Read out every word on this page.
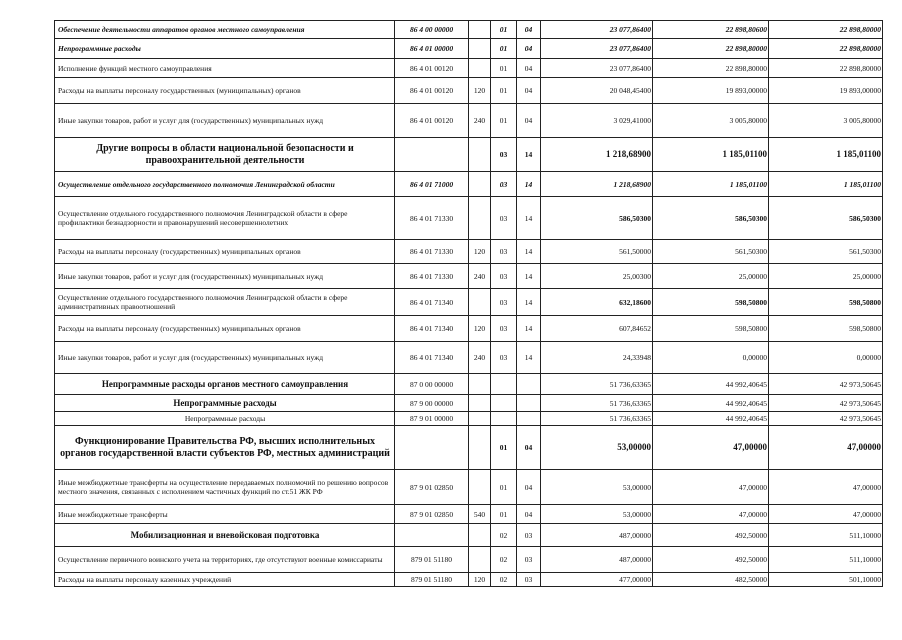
Обеспечение деятельности аппаратов органов местного самоуправления	86 4 00 00000		01	04	23 077,86400	22 898,80600	22 898,80000
Непрограммные расходы	86 4 01 00000		01	04	23 077,86400	22 898,80000	22 898,80000
Исполнение функций местного самоуправления	86 4 01 00120		01	04	23 077,86400	22 898,80000	22 898,80000
Расходы на выплаты персоналу государственных (муниципальных) органов	86 4 01 00120	120	01	04	20 048,45400	19 893,00000	19 893,00000
Иные закупки товаров, работ и услуг для (государственных) муниципальных нужд	86 4 01 00120	240	01	04	3 029,41000	3 005,80000	3 005,80000
Другие вопросы в области национальной безопасности и правоохранительной деятельности			03	14	1 218,68900	1 185,01100	1 185,01100
Осуществление отдельного государственного полномочия Ленинградской области	86 4 01 71000		03	14	1 218,68900	1 185,01100	1 185,01100
Осуществление отдельного государственного полномочия Ленинградской области в сфере профилактики безнадзорности и правонарушений несовершеннолетних	86 4 01 71330		03	14	586,50300	586,50300	586,50300
Расходы на выплаты персоналу (государственных) муниципальных органов	86 4 01 71330	120	03	14	561,50000	561,50300	561,50300
Иные закупки товаров, работ и услуг для (государственных) муниципальных нужд	86 4 01 71330	240	03	14	25,00300	25,00000	25,00000
Осуществление отдельного государственного полномочия Ленинградской области в сфере административных правоотношений	86 4 01 71340		03	14	632,18600	598,50800	598,50800
Расходы на выплаты персоналу (государственных) муниципальных органов	86 4 01 71340	120	03	14	607,84652	598,50800	598,50800
Иные закупки товаров, работ и услуг для (государственных) муниципальных нужд	86 4 01 71340	240	03	14	24,33948	0,00000	0,00000
Непрограммные расходы органов местного самоуправления	87 0 00 00000				51 736,63365	44 992,40645	42 973,50645
Непрограммные расходы	87 9 00 00000				51 736,63365	44 992,40645	42 973,50645
Непрограммные расходы	87 9 01 00000				51 736,63365	44 992,40645	42 973,50645
Функционирование Правительства РФ, высших исполнительных органов государственной власти субъектов РФ, местных администраций			01	04	53,00000	47,00000	47,00000
Иные межбюджетные трансферты на осуществление передаваемых полномочий по решению вопросов местного значения, связанных с исполнением частичных функций по ст.51 ЖК РФ	87 9 01 02850		01	04	53,00000	47,00000	47,00000
Иные межбюджетные трансферты	87 9 01 02850	540	01	04	53,00000	47,00000	47,00000
Мобилизационная и вневойсковая подготовка			02	03	487,00000	492,50000	511,10000
Осуществление первичного воинского учета на территориях, где отсутствуют военные комиссариаты	879 01 51180		02	03	487,00000	492,50000	511,10000
Расходы на выплаты персоналу казенных учреждений	879 01 51180	120	02	03	477,00000	482,50000	501,10000
